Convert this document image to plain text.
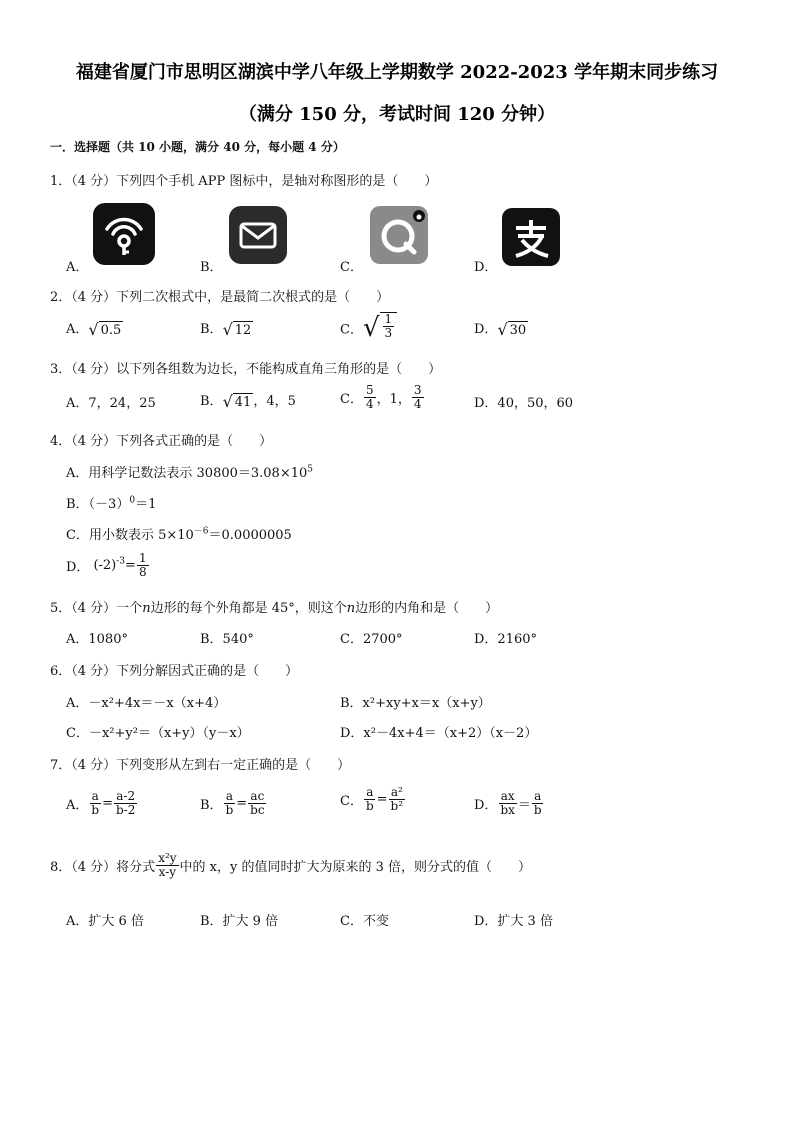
福建省厦门市思明区湖滨中学八年级上学期数学 2022-2023 学年期末同步练习
（满分 150 分，考试时间 120 分钟）
一．选择题（共 10 小题，满分 40 分，每小题 4 分）
1．（4 分）下列四个手机 APP 图标中，是轴对称图形的是（　　）
A．	B．	C．	D．
2．（4 分）下列二次根式中，是最简二次根式的是（　　）
A． √ 0.5	B． √ 12	C． √ $\frac{1}{3}$	D． √ 30
3．（4 分）以下列各组数为边长，不能构成直角三角形的是（　　）
A．7，24，25	B． √ 41 ，4，5	C． $\frac{5}{4}$ ，1， $\frac{3}{4}$	D．40，50，60
4．（4 分）下列各式正确的是（　　）
A．用科学记数法表示 $30800=3.08\times 10^5$
B．$(-3)^0=1$
C．用小数表示 $5\times 10^{-6}=0.0000005$
D． $(-2)^{-3}= \frac{1}{8}$
5．（4 分）一个n边形的每个外角都是 45°，则这个n边形的内角和是（　　）
A．1080°	B．540°	C．2700°	D．2160°
6．（4 分）下列分解因式正确的是（　　）
A．－x²+4x＝－x（x+4）	B．x²+xy+x＝x（x+y）
C．－x²+y²＝（x+y）（y－x）	D．x²－4x+4＝（x+2）（x－2）
7．（4 分）下列变形从左到右一定正确的是（　　）
A． $\frac{a}{b} = \frac{a-2}{b-2}$	B． $\frac{a}{b} = \frac{ac}{bc}$	C． $\frac{a}{b} = \frac{\text{a²}}{\text{b²}}$	D． $\frac{ax}{bx} = \frac{a}{b}$
8．（4 分）将分式 $\frac{\text{x²y}}{x-y}$ 中的 x，y 的值同时扩大为原来的 3 倍，则分式的值（　　）
A．扩大 6 倍	B．扩大 9 倍	C．不变	D．扩大 3 倍
